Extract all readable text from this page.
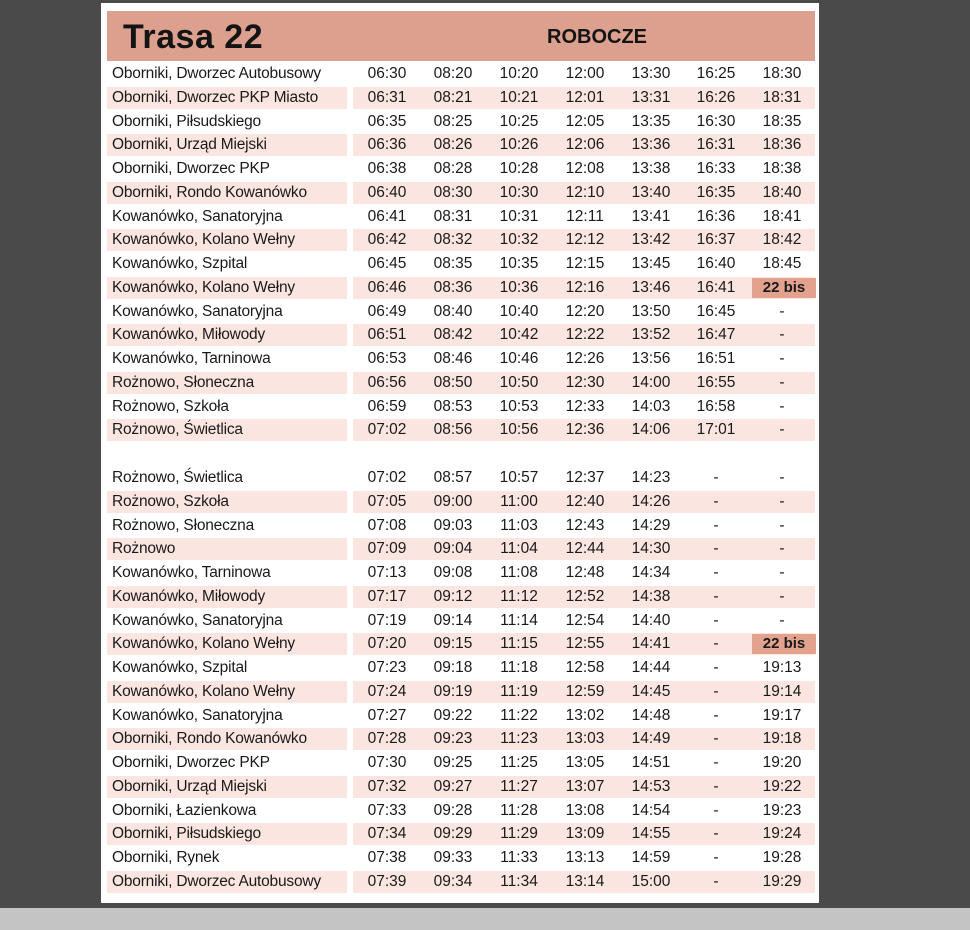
Trasa 22	ROBOCZE
Oborniki, Dworzec Autobusowy	06:30	08:20	10:20	12:00	13:30	16:25	18:30
Oborniki, Dworzec PKP Miasto	06:31	08:21	10:21	12:01	13:31	16:26	18:31
Oborniki, Piłsudskiego	06:35	08:25	10:25	12:05	13:35	16:30	18:35
Oborniki, Urząd Miejski	06:36	08:26	10:26	12:06	13:36	16:31	18:36
Oborniki, Dworzec PKP	06:38	08:28	10:28	12:08	13:38	16:33	18:38
Oborniki, Rondo Kowanówko	06:40	08:30	10:30	12:10	13:40	16:35	18:40
Kowanówko, Sanatoryjna	06:41	08:31	10:31	12:11	13:41	16:36	18:41
Kowanówko, Kolano Wełny	06:42	08:32	10:32	12:12	13:42	16:37	18:42
Kowanówko, Szpital	06:45	08:35	10:35	12:15	13:45	16:40	18:45
Kowanówko, Kolano Wełny	06:46	08:36	10:36	12:16	13:46	16:41	22 bis
Kowanówko, Sanatoryjna	06:49	08:40	10:40	12:20	13:50	16:45	-
Kowanówko, Miłowody	06:51	08:42	10:42	12:22	13:52	16:47	-
Kowanówko, Tarninowa	06:53	08:46	10:46	12:26	13:56	16:51	-
Rożnowo, Słoneczna	06:56	08:50	10:50	12:30	14:00	16:55	-
Rożnowo, Szkoła	06:59	08:53	10:53	12:33	14:03	16:58	-
Rożnowo, Świetlica	07:02	08:56	10:56	12:36	14:06	17:01	-
Rożnowo, Świetlica	07:02	08:57	10:57	12:37	14:23	-	-
Rożnowo, Szkoła	07:05	09:00	11:00	12:40	14:26	-	-
Rożnowo, Słoneczna	07:08	09:03	11:03	12:43	14:29	-	-
Rożnowo	07:09	09:04	11:04	12:44	14:30	-	-
Kowanówko, Tarninowa	07:13	09:08	11:08	12:48	14:34	-	-
Kowanówko, Miłowody	07:17	09:12	11:12	12:52	14:38	-	-
Kowanówko, Sanatoryjna	07:19	09:14	11:14	12:54	14:40	-	-
Kowanówko, Kolano Wełny	07:20	09:15	11:15	12:55	14:41	-	22 bis
Kowanówko, Szpital	07:23	09:18	11:18	12:58	14:44	-	19:13
Kowanówko, Kolano Wełny	07:24	09:19	11:19	12:59	14:45	-	19:14
Kowanówko, Sanatoryjna	07:27	09:22	11:22	13:02	14:48	-	19:17
Oborniki, Rondo Kowanówko	07:28	09:23	11:23	13:03	14:49	-	19:18
Oborniki, Dworzec PKP	07:30	09:25	11:25	13:05	14:51	-	19:20
Oborniki, Urząd Miejski	07:32	09:27	11:27	13:07	14:53	-	19:22
Oborniki, Łazienkowa	07:33	09:28	11:28	13:08	14:54	-	19:23
Oborniki, Piłsudskiego	07:34	09:29	11:29	13:09	14:55	-	19:24
Oborniki, Rynek	07:38	09:33	11:33	13:13	14:59	-	19:28
Oborniki, Dworzec Autobusowy	07:39	09:34	11:34	13:14	15:00	-	19:29
